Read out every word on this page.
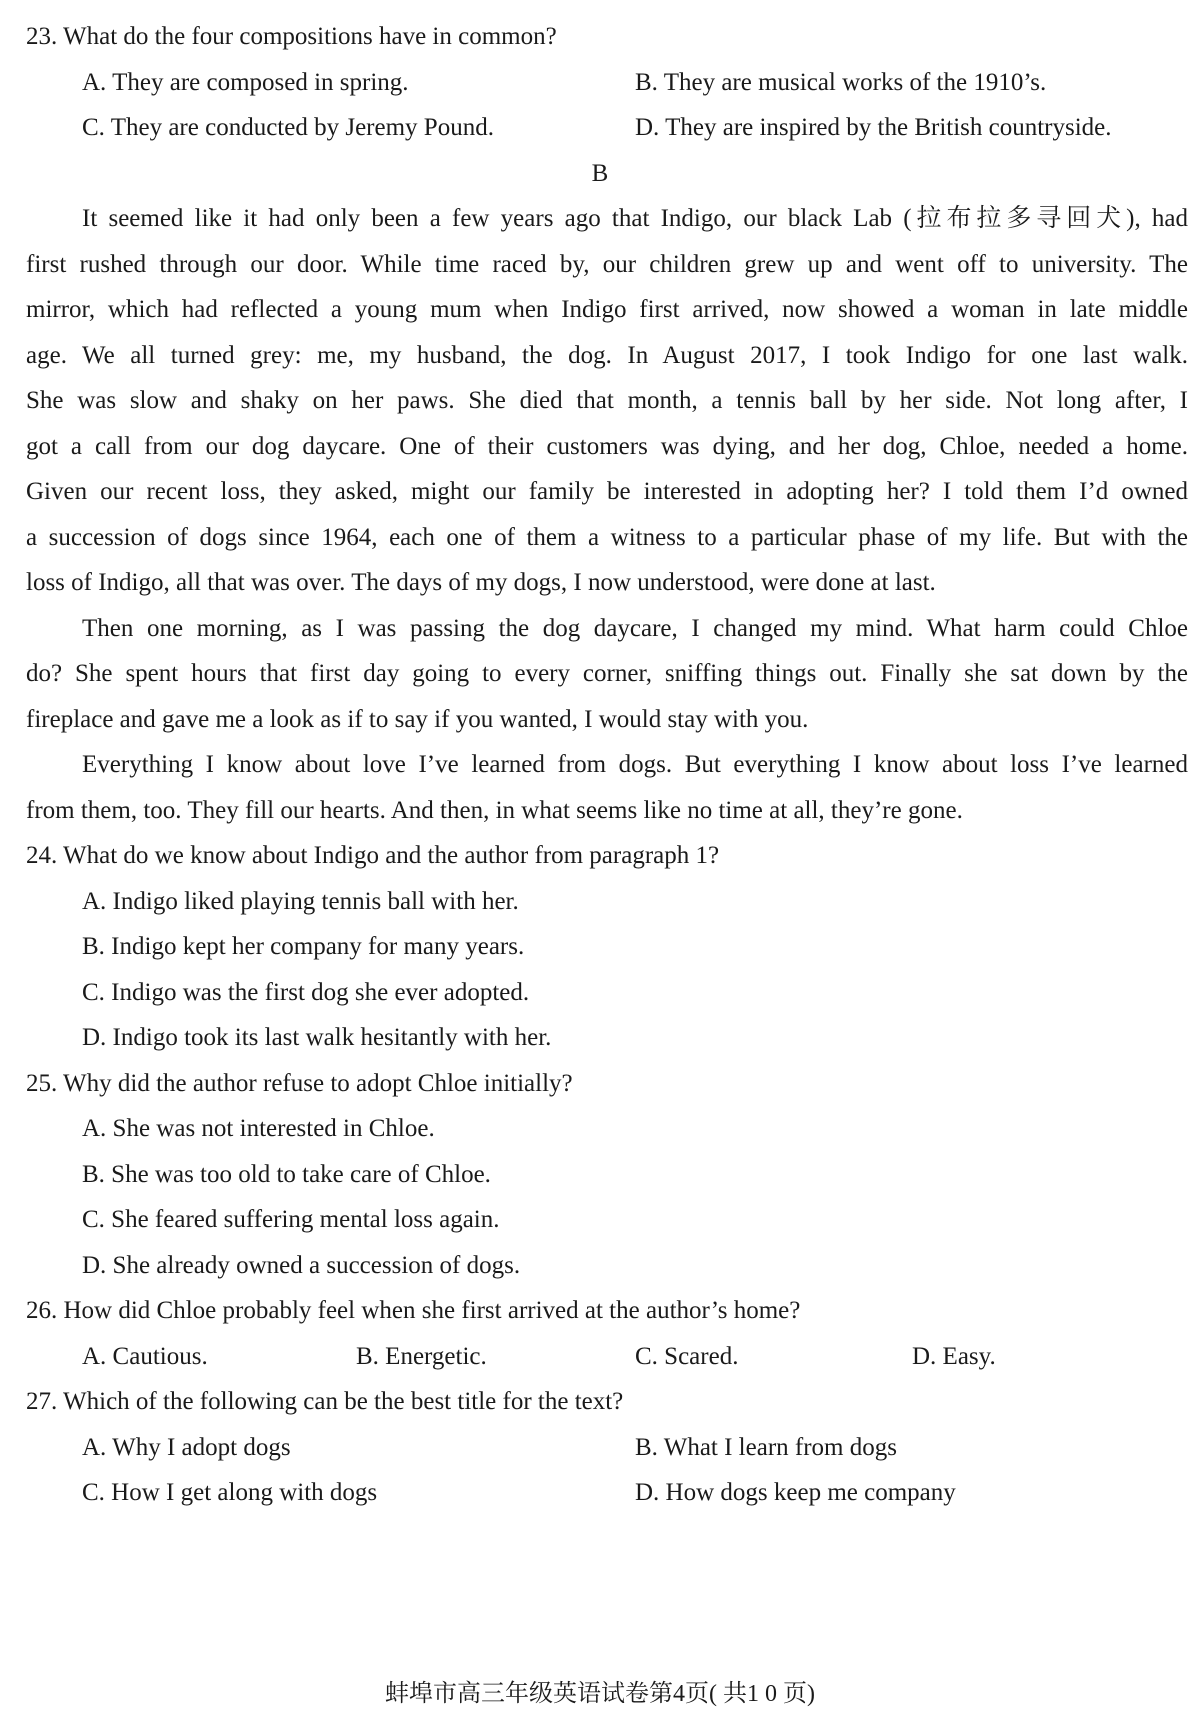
23. What do the four compositions have in common?
A. They are composed in spring.	B. They are musical works of the 1910’s.
C. They are conducted by Jeremy Pound.	D. They are inspired by the British countryside.
B
It seemed like it had only been a few years ago that Indigo, our black Lab (拉布拉多寻回犬), had
first rushed through our door. While time raced by, our children grew up and went off to university. The
mirror, which had reflected a young mum when Indigo first arrived, now showed a woman in late middle
age. We all turned grey: me, my husband, the dog. In August 2017, I took Indigo for one last walk.
She was slow and shaky on her paws. She died that month, a tennis ball by her side. Not long after, I
got a call from our dog daycare. One of their customers was dying, and her dog, Chloe, needed a home.
Given our recent loss, they asked, might our family be interested in adopting her? I told them I’d owned
a succession of dogs since 1964, each one of them a witness to a particular phase of my life. But with the
loss of Indigo, all that was over. The days of my dogs, I now understood, were done at last.
Then one morning, as I was passing the dog daycare, I changed my mind. What harm could Chloe
do? She spent hours that first day going to every corner, sniffing things out. Finally she sat down by the
fireplace and gave me a look as if to say if you wanted, I would stay with you.
Everything I know about love I’ve learned from dogs. But everything I know about loss I’ve learned
from them, too. They fill our hearts. And then, in what seems like no time at all, they’re gone.
24. What do we know about Indigo and the author from paragraph 1?
A. Indigo liked playing tennis ball with her.
B. Indigo kept her company for many years.
C. Indigo was the first dog she ever adopted.
D. Indigo took its last walk hesitantly with her.
25. Why did the author refuse to adopt Chloe initially?
A. She was not interested in Chloe.
B. She was too old to take care of Chloe.
C. She feared suffering mental loss again.
D. She already owned a succession of dogs.
26. How did Chloe probably feel when she first arrived at the author’s home?
A. Cautious.	B. Energetic.	C. Scared.	D. Easy.
27. Which of the following can be the best title for the text?
A. Why I adopt dogs	B. What I learn from dogs
C. How I get along with dogs	D. How dogs keep me company
蚌埠市高三年级英语试卷第4页( 共1 0 页)
